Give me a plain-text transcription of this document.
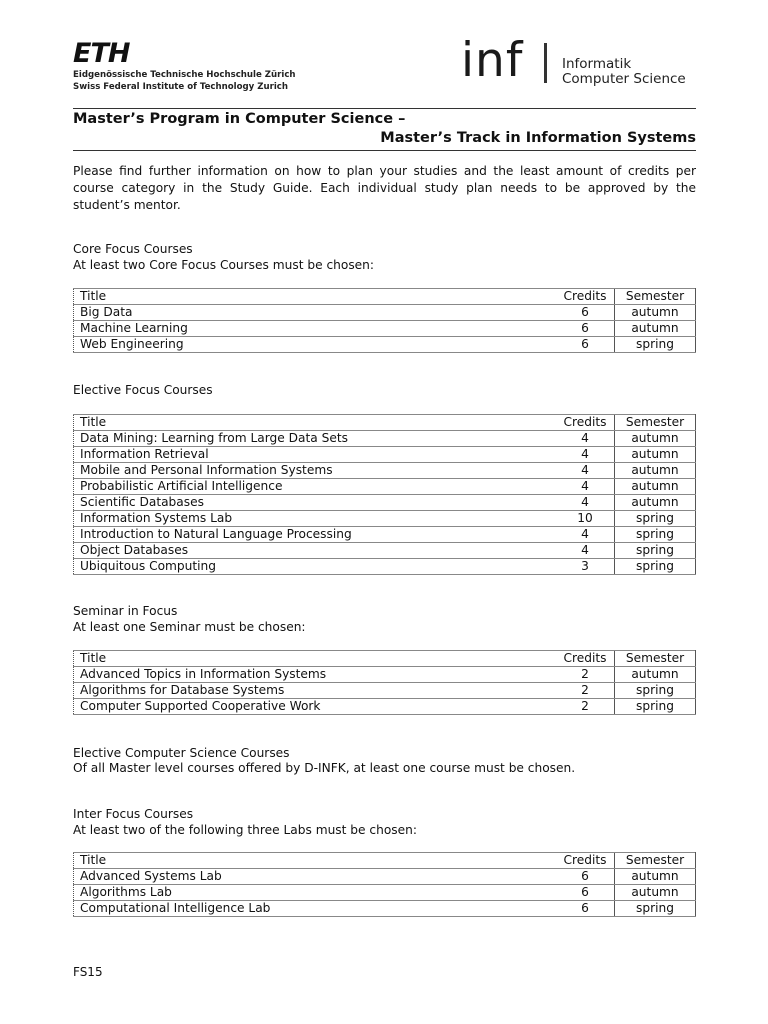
ETH
Eidgenössische Technische Hochschule Zürich
Swiss Federal Institute of Technology Zurich	inf	Informatik
Computer Science
Master’s Program in Computer Science –
Master’s Track in Information Systems
Please find further information on how to plan your studies and the least amount of credits per course category in the Study Guide. Each individual study plan needs to be approved by the student’s mentor.
Core Focus Courses
At least two Core Focus Courses must be chosen:
Title	Credits	Semester
Big Data	6	autumn
Machine Learning	6	autumn
Web Engineering	6	spring
Elective Focus Courses
Title	Credits	Semester
Data Mining: Learning from Large Data Sets	4	autumn
Information Retrieval	4	autumn
Mobile and Personal Information Systems	4	autumn
Probabilistic Artificial Intelligence	4	autumn
Scientific Databases	4	autumn
Information Systems Lab	10	spring
Introduction to Natural Language Processing	4	spring
Object Databases	4	spring
Ubiquitous Computing	3	spring
Seminar in Focus
At least one Seminar must be chosen:
Title	Credits	Semester
Advanced Topics in Information Systems	2	autumn
Algorithms for Database Systems	2	spring
Computer Supported Cooperative Work	2	spring
Elective Computer Science Courses
Of all Master level courses offered by D-INFK, at least one course must be chosen.
Inter Focus Courses
At least two of the following three Labs must be chosen:
Title	Credits	Semester
Advanced Systems Lab	6	autumn
Algorithms Lab	6	autumn
Computational Intelligence Lab	6	spring
FS15
